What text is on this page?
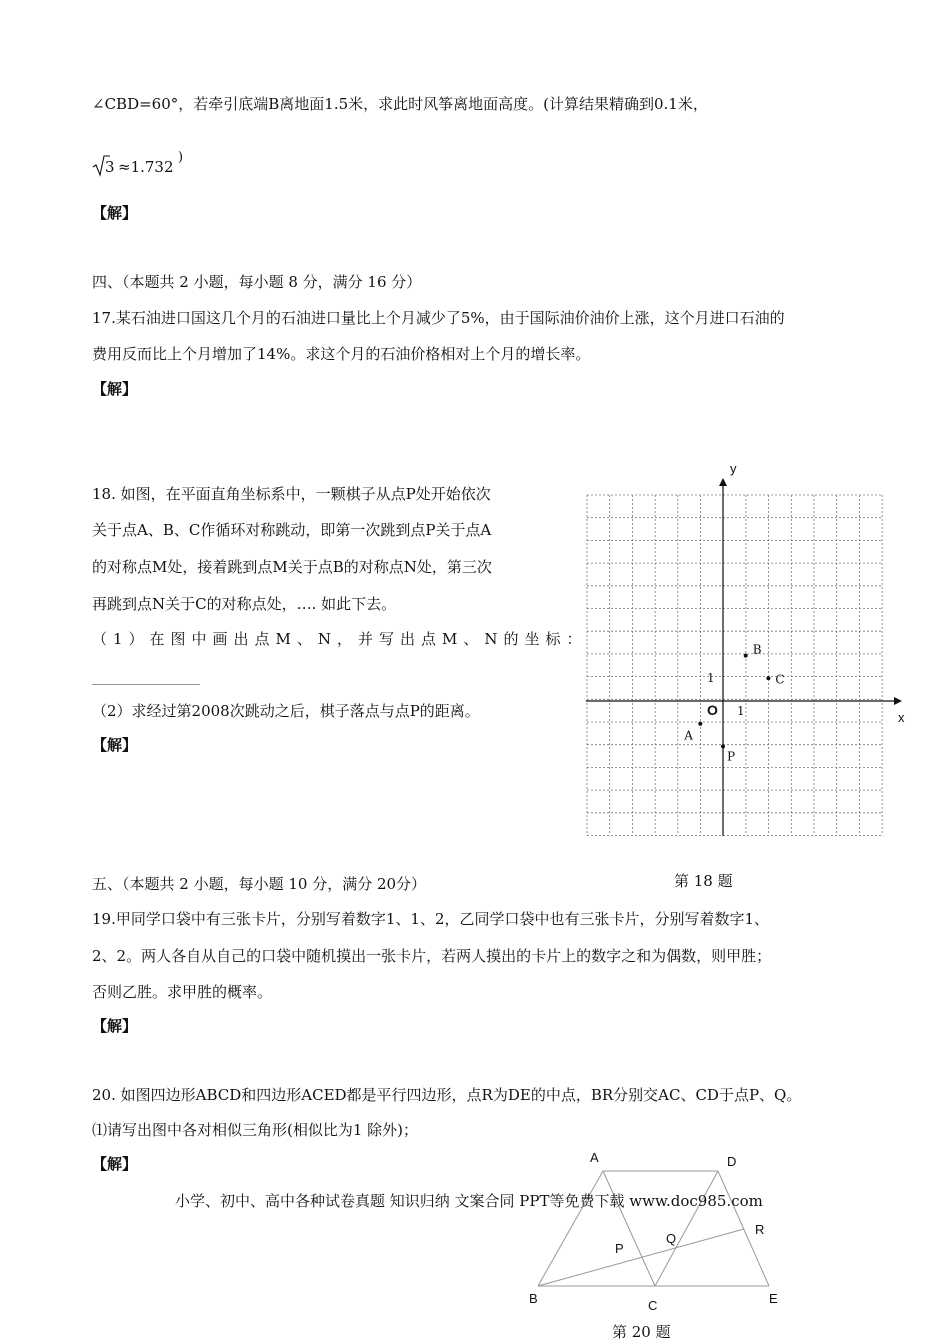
∠CBD=60°，若牵引底端B离地面1.5米，求此时风筝离地面高度。(计算结果精确到0.1米，
3 ≈1.732
)
【解】
四、（本题共 2 小题，每小题 8 分，满分 16 分）
17.某石油进口国这几个月的石油进口量比上个月减少了5%，由于国际油价油价上涨，这个月进口石油的
费用反而比上个月增加了14%。求这个月的石油价格相对上个月的增长率。
【解】
18. 如图，在平面直角坐标系中，一颗棋子从点P处开始依次
关于点A、B、C作循环对称跳动，即第一次跳到点P关于点A
的对称点M处，接着跳到点M关于点B的对称点N处，第三次
再跳到点N关于C的对称点处，…. 如此下去。
（1）在图中画出点M、N，并写出点M、N的坐标：
（2）求经过第2008次跳动之后，棋子落点与点P的距离。
【解】
x
y
O 1
1
A
B
C
P
第 18 题
五、（本题共 2 小题，每小题 10 分，满分 20分）
19.甲同学口袋中有三张卡片，分别写着数字1、1、2，乙同学口袋中也有三张卡片，分别写着数字1、
2、2。两人各自从自己的口袋中随机摸出一张卡片，若两人摸出的卡片上的数字之和为偶数，则甲胜；
否则乙胜。求甲胜的概率。
【解】
20. 如图四边形ABCD和四边形ACED都是平行四边形，点R为DE的中点，BR分别交AC、CD于点P、Q。
⑴请写出图中各对相似三角形(相似比为1 除外)；
【解】	A	D
R
Q
P
B	C	E
第 20 题
小学、初中、高中各种试卷真题 知识归纳 文案合同 PPT等免费下载 www.doc985.com
